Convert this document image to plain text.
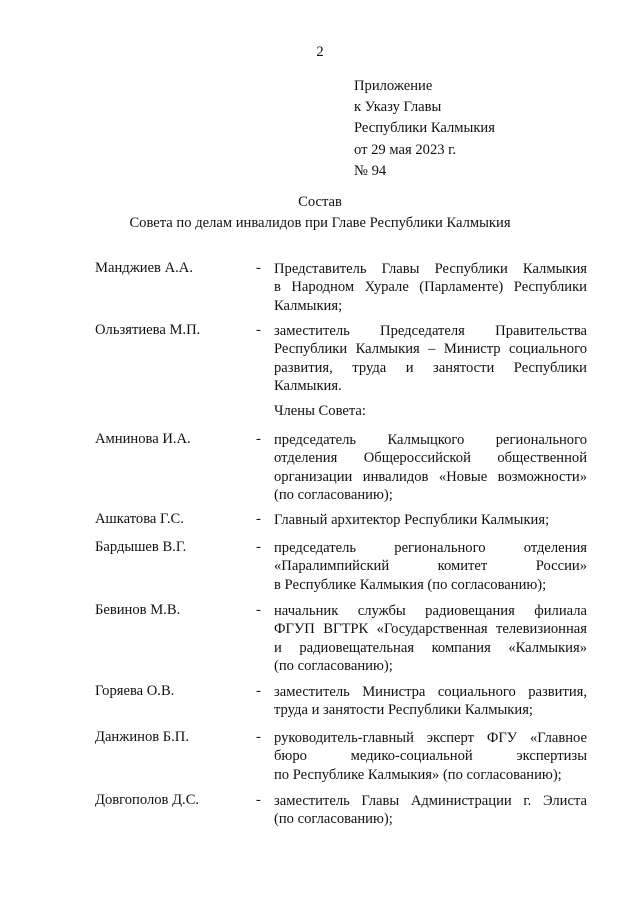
2
Приложение
к Указу Главы
Республики Калмыкия
от 29 мая 2023 г.
№ 94
Состав
Совета по делам инвалидов при Главе Республики Калмыкия
Манджиев А.А.	- Представитель Главы Республики Калмыкия
в Народном Хурале (Парламенте) Республики
Калмыкия;
Ользятиева М.П.	- заместитель Председателя Правительства
Республики Калмыкия – Министр социального
развития, труда и занятости Республики
Калмыкия.
Члены Совета:
Амнинова И.А.	- председатель Калмыцкого регионального
отделения Общероссийской общественной
организации инвалидов «Новые возможности»
(по согласованию);
Ашкатова Г.С.	- Главный архитектор Республики Калмыкия;
Бардышев В.Г.	- председатель регионального отделения
«Паралимпийский комитет России»
в Республике Калмыкия (по согласованию);
Бевинов М.В.	- начальник службы радиовещания филиала
ФГУП ВГТРК «Государственная телевизионная
и радиовещательная компания «Калмыкия»
(по согласованию);
Горяева О.В.	- заместитель Министра социального развития,
труда и занятости Республики Калмыкия;
Данжинов Б.П.	- руководитель-главный эксперт ФГУ «Главное
бюро медико-социальной экспертизы
по Республике Калмыкия» (по согласованию);
Довгополов Д.С.	- заместитель Главы Администрации г. Элиста
(по согласованию);
